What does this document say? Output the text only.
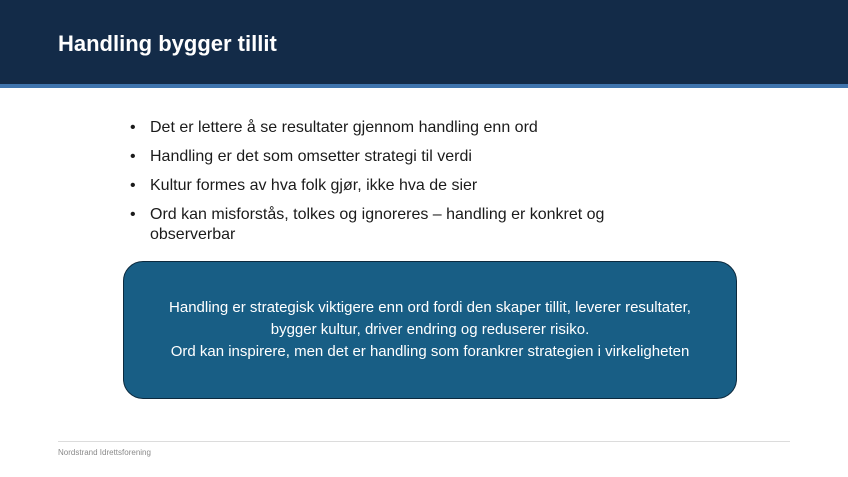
Handling bygger tillit
• Det er lettere å se resultater gjennom handling enn ord
• Handling er det som omsetter strategi til verdi
• Kultur formes av hva folk gjør, ikke hva de sier
• Ord kan misforstås, tolkes og ignoreres – handling er konkret og observerbar
Handling er strategisk viktigere enn ord fordi den skaper tillit, leverer resultater, bygger kultur, driver endring og reduserer risiko.
Ord kan inspirere, men det er handling som forankrer strategien i virkeligheten
Nordstrand Idrettsforening
